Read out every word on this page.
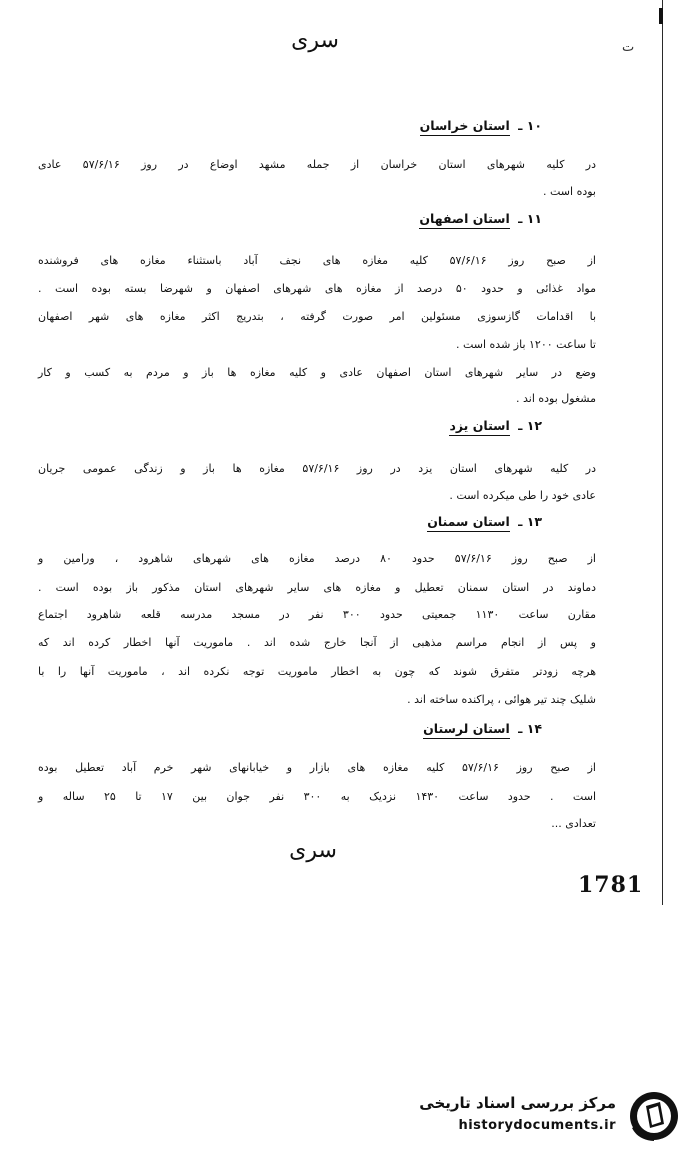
ت
سری
۱۰ ـ استان خراسان
در کلیه شهرهای استان خراسان از جمله مشهد اوضاع در روز ۵۷/۶/۱۶ عادی
بوده است .
۱۱ ـ استان اصفهان
از صبح روز ۵۷/۶/۱۶ کلیه مغازه های نجف آباد باستثناء مغازه های فروشنده
مواد غذائی و حدود ۵۰ درصد از مغازه های شهرهای اصفهان و شهرضا بسته بوده است .
با اقدامات گازسوزی مسئولین امر صورت گرفته ، بتدریج اکثر مغازه های شهر اصفهان
تا ساعت ۱۲۰۰ باز شده است .
وضع در سایر شهرهای استان اصفهان عادی و کلیه مغازه ها باز و مردم به کسب و کار
مشغول بوده اند .
۱۲ ـ استان یزد
در کلیه شهرهای استان یزد در روز ۵۷/۶/۱۶ مغازه ها باز و زندگی عمومی جریان
عادی خود را طی میکرده است .
۱۳ ـ استان سمنان
از صبح روز ۵۷/۶/۱۶ حدود ۸۰ درصد مغازه های شهرهای شاهرود ، ورامین و
دماوند در استان سمنان تعطیل و مغازه های سایر شهرهای استان مذکور باز بوده است .
مقارن ساعت ۱۱۳۰ جمعیتی حدود ۳۰۰ نفر در مسجد مدرسه قلعه شاهرود اجتماع
و پس از انجام مراسم مذهبی از آنجا خارج شده اند . ماموریت آنها اخطار کرده اند که
هرچه زودتر متفرق شوند که چون به اخطار ماموریت توجه نکرده اند ، ماموریت آنها را با
شلیک چند تیر هوائی ، پراکنده ساخته اند .
۱۴ ـ استان لرستان
از صبح روز ۵۷/۶/۱۶ کلیه مغازه های بازار و خیابانهای شهر خرم آباد تعطیل بوده
است . حدود ساعت ۱۴۳۰ نزدیک به ۳۰۰ نفر جوان بین ۱۷ تا ۲۵ ساله و
تعدادی ...
سری
1781
مرکز بررسی اسناد تاریخی
historydocuments.ir
